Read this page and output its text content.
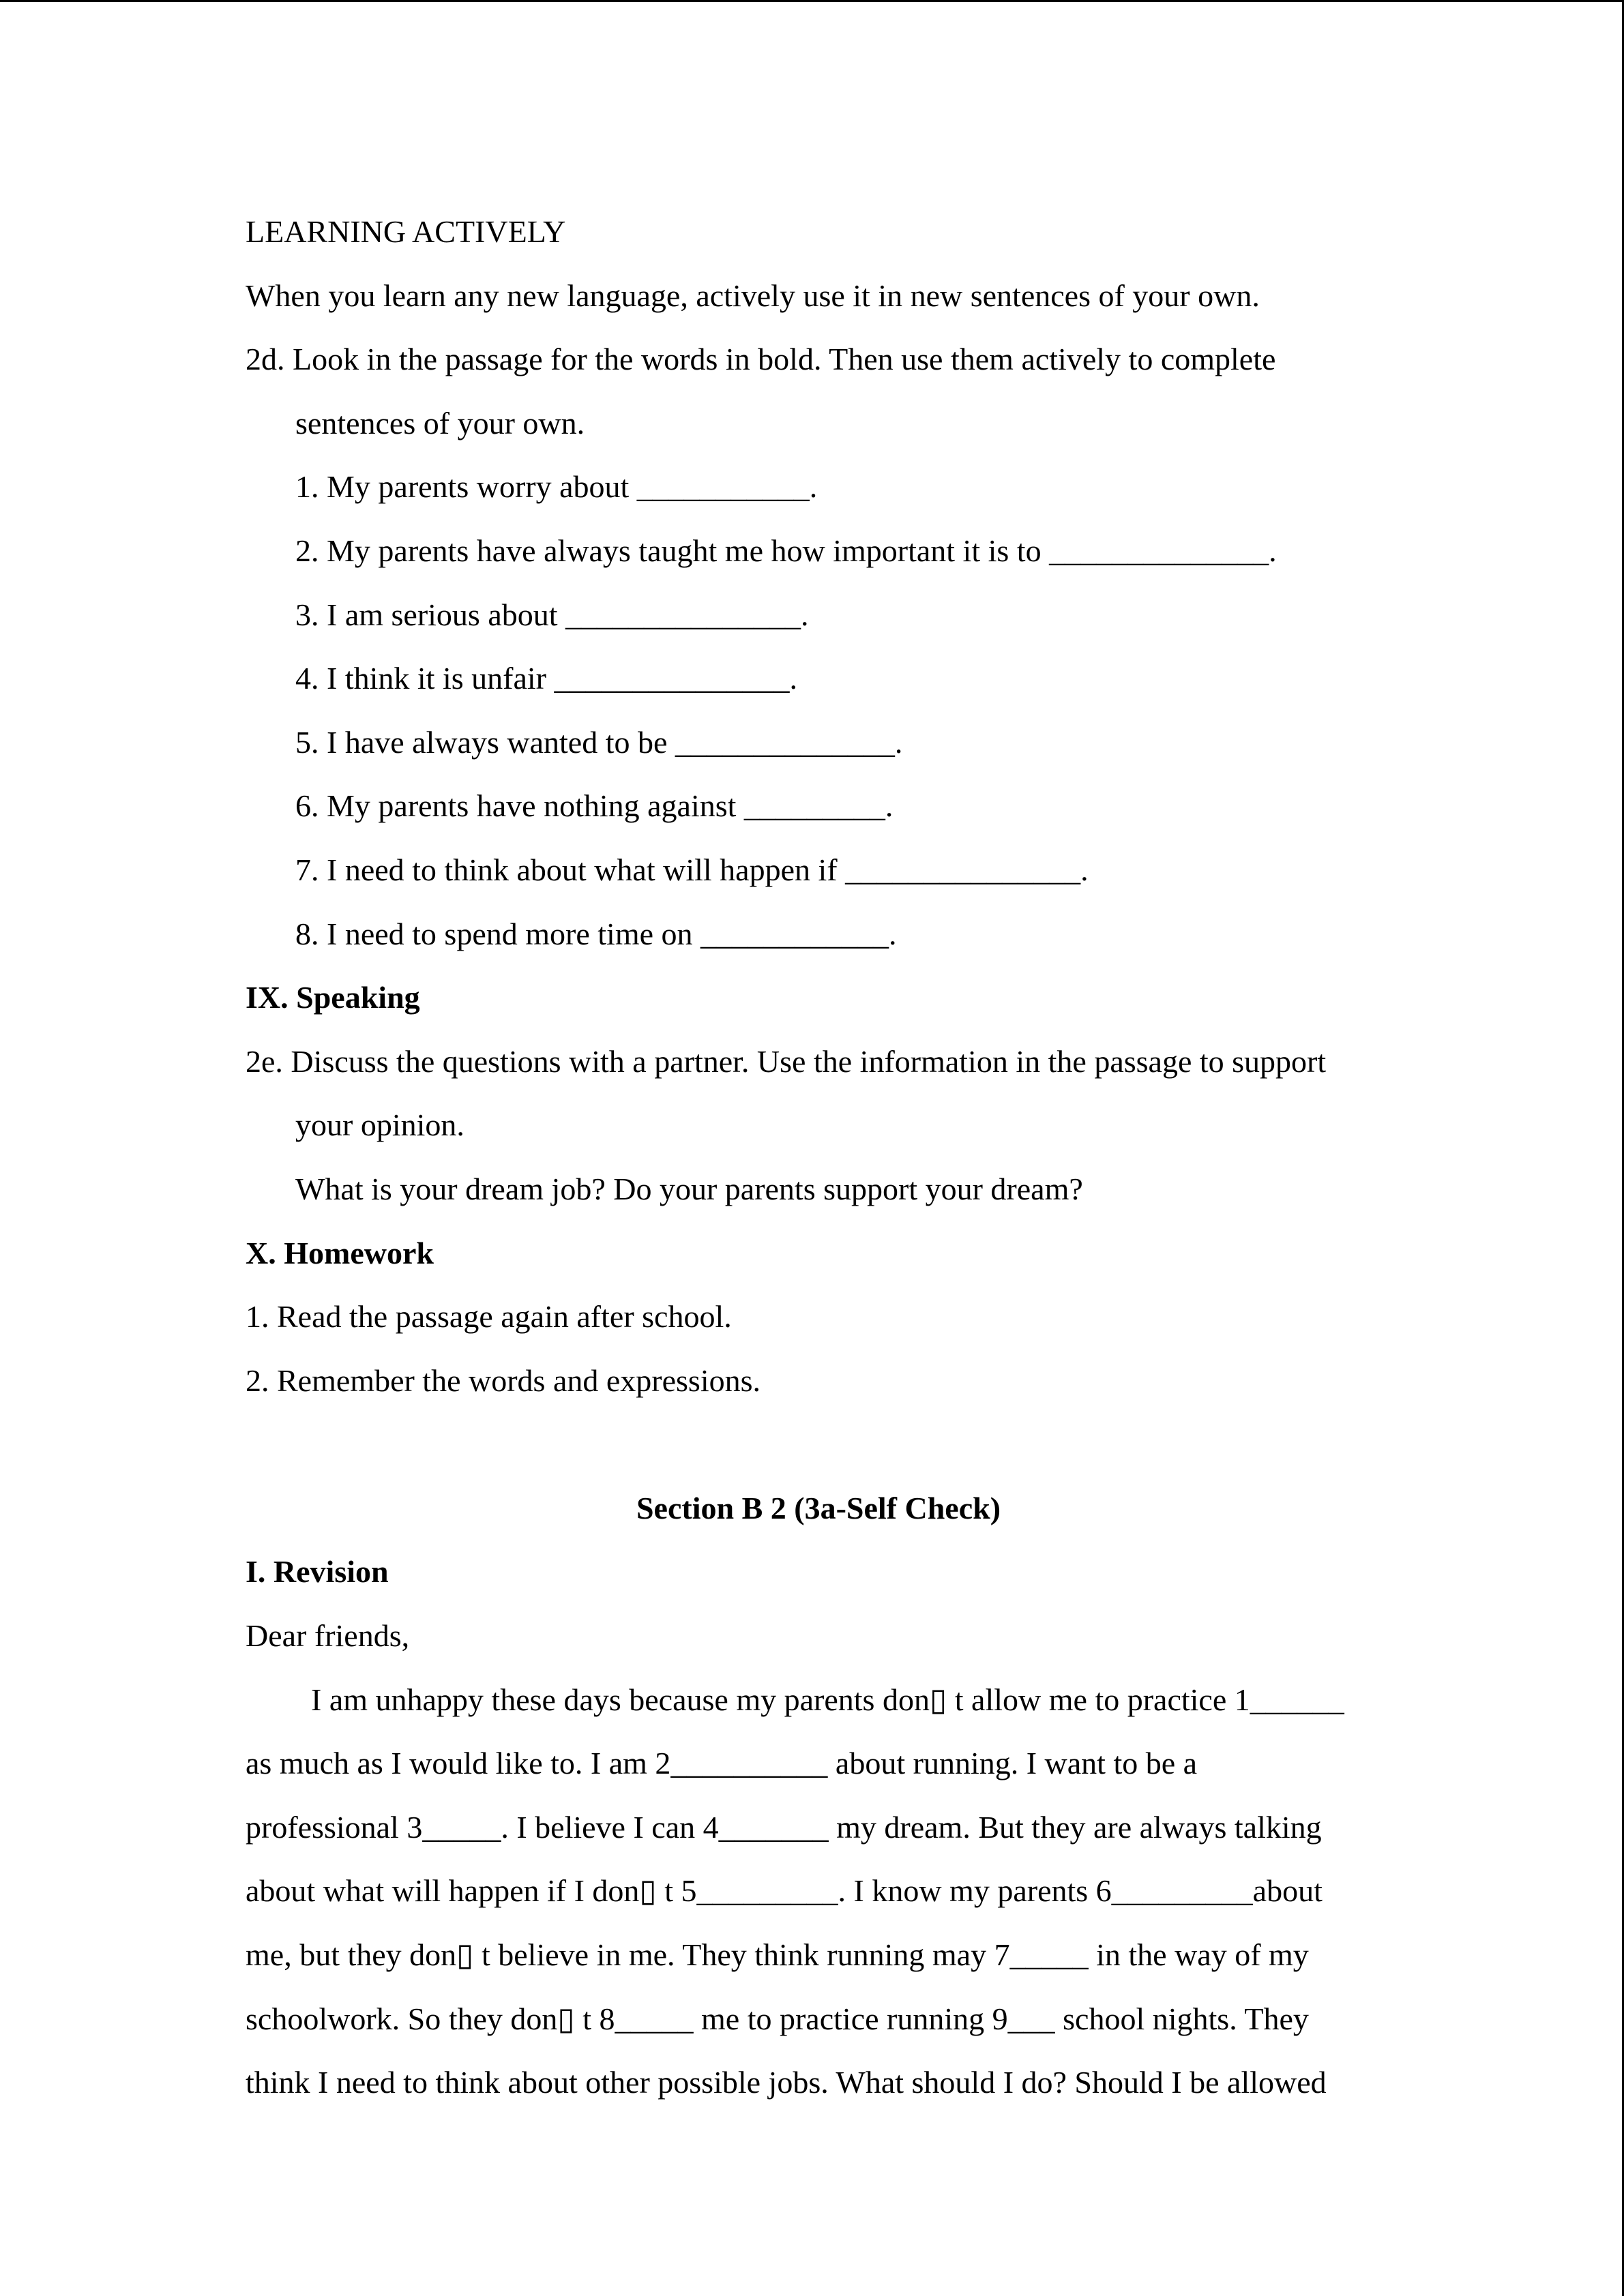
LEARNING ACTIVELY
When you learn any new language, actively use it in new sentences of your own.
2d. Look in the passage for the words in bold. Then use them actively to complete
sentences of your own.
1. My parents worry about ___________.
2. My parents have always taught me how important it is to ______________.
3. I am serious about _______________.
4. I think it is unfair _______________.
5. I have always wanted to be ______________.
6. My parents have nothing against _________.
7. I need to think about what will happen if _______________.
8. I need to spend more time on ____________.
IX. Speaking
2e. Discuss the questions with a partner. Use the information in the passage to support
your opinion.
What is your dream job? Do your parents support your dream?
X. Homework
1. Read the passage again after school.
2. Remember the words and expressions.
Section B 2 (3a-Self Check)
I. Revision
Dear friends,
I am unhappy these days because my parents don▯ t allow me to practice 1______
as much as I would like to. I am 2__________ about running. I want to be a
professional 3_____. I believe I can 4_______ my dream. But they are always talking
about what will happen if I don▯ t 5_________. I know my parents 6_________about
me, but they don▯ t believe in me. They think running may 7_____ in the way of my
schoolwork. So they don▯ t 8_____ me to practice running 9___ school nights. They
think I need to think about other possible jobs. What should I do? Should I be allowed
